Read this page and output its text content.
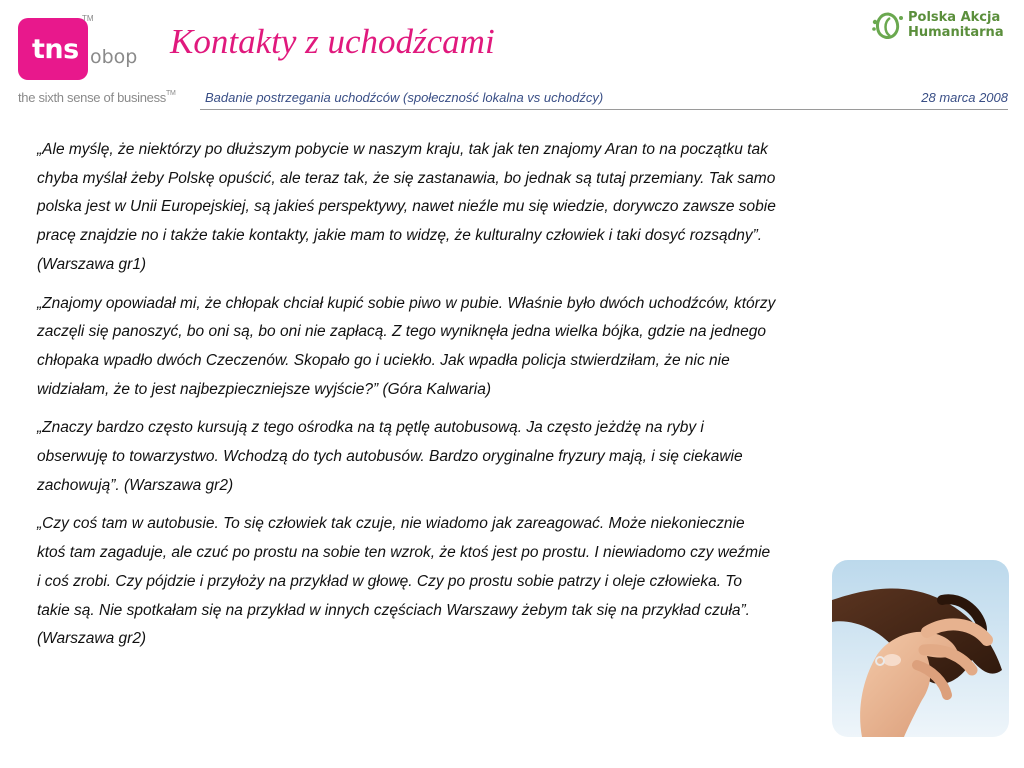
tns
TM
obop
the sixth sense of business™
Kontakty z uchodźcami
Polska Akcja
Humanitarna
Badanie postrzegania uchodźców (społeczność lokalna vs uchodźcy)	28 marca 2008

„Ale myślę, że niektórzy po dłuższym pobycie w naszym kraju, tak jak ten znajomy Aran to na początku tak chyba myślał żeby Polskę opuścić, ale teraz tak, że się zastanawia, bo jednak są tutaj przemiany. Tak samo polska jest w Unii Europejskiej, są jakieś perspektywy, nawet nieźle mu się wiedzie, dorywczo zawsze sobie pracę znajdzie no i także takie kontakty, jakie mam to widzę, że kulturalny człowiek i taki dosyć rozsądny”. (Warszawa gr1)

„Znajomy opowiadał mi, że chłopak chciał kupić sobie piwo w pubie. Właśnie było dwóch uchodźców, którzy zaczęli się panoszyć, bo oni są, bo oni nie zapłacą. Z tego wyniknęła jedna wielka bójka, gdzie na jednego chłopaka wpadło dwóch Czeczenów. Skopało go i uciekło. Jak wpadła policja stwierdziłam, że nic nie widziałam, że to jest najbezpieczniejsze wyjście?” (Góra Kalwaria)

„Znaczy bardzo często kursują z tego ośrodka na tą pętlę autobusową. Ja często jeżdżę na ryby i obserwuję to towarzystwo. Wchodzą do tych autobusów. Bardzo oryginalne fryzury mają, i się ciekawie zachowują”. (Warszawa gr2)

„Czy coś tam w autobusie. To się człowiek tak czuje, nie wiadomo jak zareagować. Może niekoniecznie ktoś tam zagaduje, ale czuć po prostu na sobie ten wzrok, że ktoś jest po prostu. I niewiadomo czy weźmie i coś zrobi. Czy pójdzie i przyłoży na przykład w głowę. Czy po prostu sobie patrzy i oleje człowieka. To takie są. Nie spotkałam się na przykład w innych częściach Warszawy żebym tak się na przykład czuła”. (Warszawa gr2)
